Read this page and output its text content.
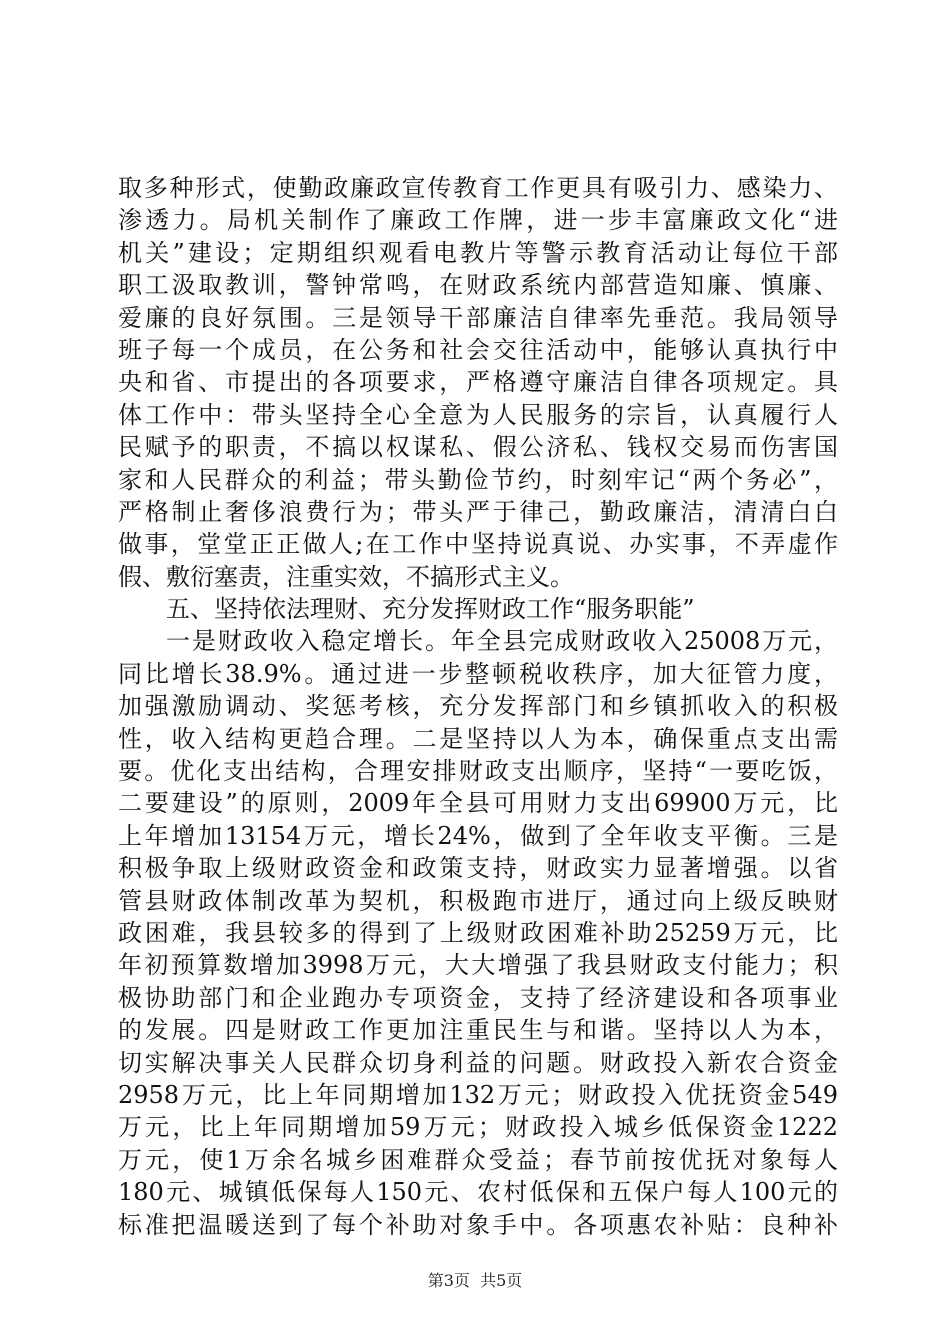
取多种形式，使勤政廉政宣传教育工作更具有吸引力、感染力、
渗透力。局机关制作了廉政工作牌，进一步丰富廉政文化“进
机关”建设；定期组织观看电教片等警示教育活动让每位干部
职工汲取教训，警钟常鸣，在财政系统内部营造知廉、慎廉、
爱廉的良好氛围。三是领导干部廉洁自律率先垂范。我局领导
班子每一个成员，在公务和社会交往活动中，能够认真执行中
央和省、市提出的各项要求，严格遵守廉洁自律各项规定。具
体工作中：带头坚持全心全意为人民服务的宗旨，认真履行人
民赋予的职责，不搞以权谋私、假公济私、钱权交易而伤害国
家和人民群众的利益；带头勤俭节约，时刻牢记“两个务必”，
严格制止奢侈浪费行为；带头严于律己，勤政廉洁，清清白白
做事，堂堂正正做人;在工作中坚持说真说、办实事，不弄虚作
假、敷衍塞责，注重实效，不搞形式主义。
五、坚持依法理财、充分发挥财政工作“服务职能”
一是财政收入稳定增长。年全县完成财政收入25008万元，
同比增长38.9%。通过进一步整顿税收秩序，加大征管力度，
加强激励调动、奖惩考核，充分发挥部门和乡镇抓收入的积极
性，收入结构更趋合理。二是坚持以人为本，确保重点支出需
要。优化支出结构，合理安排财政支出顺序，坚持“一要吃饭，
二要建设”的原则，2009年全县可用财力支出69900万元，比
上年增加13154万元，增长24%，做到了全年收支平衡。三是
积极争取上级财政资金和政策支持，财政实力显著增强。以省
管县财政体制改革为契机，积极跑市进厅，通过向上级反映财
政困难，我县较多的得到了上级财政困难补助25259万元，比
年初预算数增加3998万元，大大增强了我县财政支付能力；积
极协助部门和企业跑办专项资金，支持了经济建设和各项事业
的发展。四是财政工作更加注重民生与和谐。坚持以人为本，
切实解决事关人民群众切身利益的问题。财政投入新农合资金
2958万元，比上年同期增加132万元；财政投入优抚资金549
万元，比上年同期增加59万元；财政投入城乡低保资金1222
万元，使1万余名城乡困难群众受益；春节前按优抚对象每人
180元、城镇低保每人150元、农村低保和五保户每人100元的
标准把温暖送到了每个补助对象手中。各项惠农补贴：良种补
第3页 共5页
